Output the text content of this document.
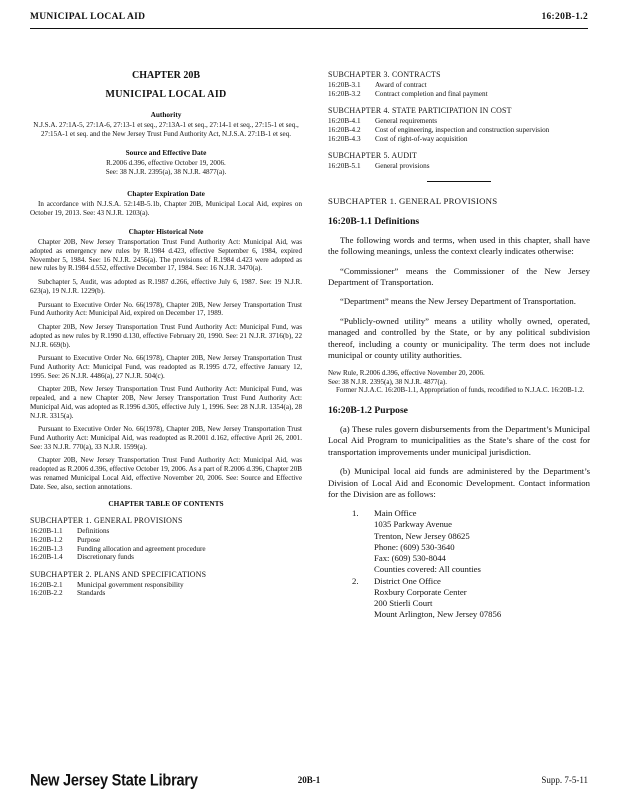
MUNICIPAL LOCAL AID	16:20B-1.2

CHAPTER 20B

MUNICIPAL LOCAL AID

Authority

N.J.S.A. 27:1A-5, 27:1A-6, 27:13-1 et seq., 27:13A-1 et seq., 27:14-1 et seq., 27:15-1 et seq., 27:15A-1 et seq. and the New Jersey Trust Fund Authority Act, N.J.S.A. 27:1B-1 et seq.

Source and Effective Date

R.2006 d.396, effective October 19, 2006.

See: 38 N.J.R. 2395(a), 38 N.J.R. 4877(a).

Chapter Expiration Date

In accordance with N.J.S.A. 52:14B-5.1b, Chapter 20B, Municipal Local Aid, expires on October 19, 2013. See: 43 N.J.R. 1203(a).

Chapter Historical Note

Chapter 20B, New Jersey Transportation Trust Fund Authority Act: Municipal Aid, was adopted as emergency new rules by R.1984 d.423, effective September 6, 1984, expired November 5, 1984. See: 16 N.J.R. 2456(a). The provisions of R.1984 d.423 were adopted as new rules by R.1984 d.552, effective December 17, 1984. See: 16 N.J.R. 3470(a).

Subchapter 5, Audit, was adopted as R.1987 d.266, effective July 6, 1987. See: 19 N.J.R. 623(a), 19 N.J.R. 1229(b).

Pursuant to Executive Order No. 66(1978), Chapter 20B, New Jersey Transportation Trust Fund Authority Act: Municipal Aid, expired on December 17, 1989.

Chapter 20B, New Jersey Transportation Trust Fund Authority Act: Municipal Fund, was adopted as new rules by R.1990 d.130, effective February 20, 1990. See: 21 N.J.R. 3716(b), 22 N.J.R. 669(b).

Pursuant to Executive Order No. 66(1978), Chapter 20B, New Jersey Transportation Trust Fund Authority Act: Municipal Fund, was readopted as R.1995 d.72, effective January 12, 1995. See: 26 N.J.R. 4486(a), 27 N.J.R. 504(c).

Chapter 20B, New Jersey Transportation Trust Fund Authority Act: Municipal Fund, was repealed, and a new Chapter 20B, New Jersey Transportation Trust Fund Authority Act: Municipal Aid, was adopted as R.1996 d.305, effective July 1, 1996. See: 28 N.J.R. 1354(a), 28 N.J.R. 3315(a).

Pursuant to Executive Order No. 66(1978), Chapter 20B, New Jersey Transportation Trust Fund Authority Act: Municipal Aid, was readopted as R.2001 d.162, effective April 26, 2001. See: 33 N.J.R. 770(a), 33 N.J.R. 1599(a).

Chapter 20B, New Jersey Transportation Trust Fund Authority Act: Municipal Aid, was readopted as R.2006 d.396, effective October 19, 2006. As a part of R.2006 d.396, Chapter 20B was renamed Municipal Local Aid, effective November 20, 2006. See: Source and Effective Date. See, also, section annotations.

CHAPTER TABLE OF CONTENTS

SUBCHAPTER 1. GENERAL PROVISIONS

16:20B-1.1	Definitions
16:20B-1.2	Purpose
16:20B-1.3	Funding allocation and agreement procedure
16:20B-1.4	Discretionary funds

SUBCHAPTER 2. PLANS AND SPECIFICATIONS

16:20B-2.1	Municipal government responsibility
16:20B-2.2	Standards

SUBCHAPTER 3. CONTRACTS

16:20B-3.1	Award of contract
16:20B-3.2	Contract completion and final payment

SUBCHAPTER 4. STATE PARTICIPATION IN COST

16:20B-4.1	General requirements
16:20B-4.2	Cost of engineering, inspection and construction supervision
16:20B-4.3	Cost of right-of-way acquisition

SUBCHAPTER 5. AUDIT

16:20B-5.1	General provisions

SUBCHAPTER 1. GENERAL PROVISIONS

16:20B-1.1 Definitions

The following words and terms, when used in this chapter, shall have the following meanings, unless the context clearly indicates otherwise:

“Commissioner” means the Commissioner of the New Jersey Department of Transportation.

“Department” means the New Jersey Department of Transportation.

“Publicly-owned utility” means a utility wholly owned, operated, managed and controlled by the State, or by any political subdivision thereof, including a county or municipality. The term does not include municipal or county utility authorities.

New Rule, R.2006 d.396, effective November 20, 2006.
See: 38 N.J.R. 2395(a), 38 N.J.R. 4877(a).
Former N.J.A.C. 16:20B-1.1, Appropriation of funds, recodified to N.J.A.C. 16:20B-1.2.

16:20B-1.2 Purpose

(a) These rules govern disbursements from the Department’s Municipal Local Aid Program to municipalities as the State’s share of the cost for transportation improvements under municipal jurisdiction.

(b) Municipal local aid funds are administered by the Department’s Division of Local Aid and Economic Development. Contact information for the Division are as follows:

1.	Main Office
1035 Parkway Avenue
Trenton, New Jersey 08625
Phone: (609) 530-3640
Fax: (609) 530-8044
Counties covered: All counties
2.	District One Office
Roxbury Corporate Center
200 Stierli Court
Mount Arlington, New Jersey 07856
New Jersey State Library	20B-1	Supp. 7-5-11
